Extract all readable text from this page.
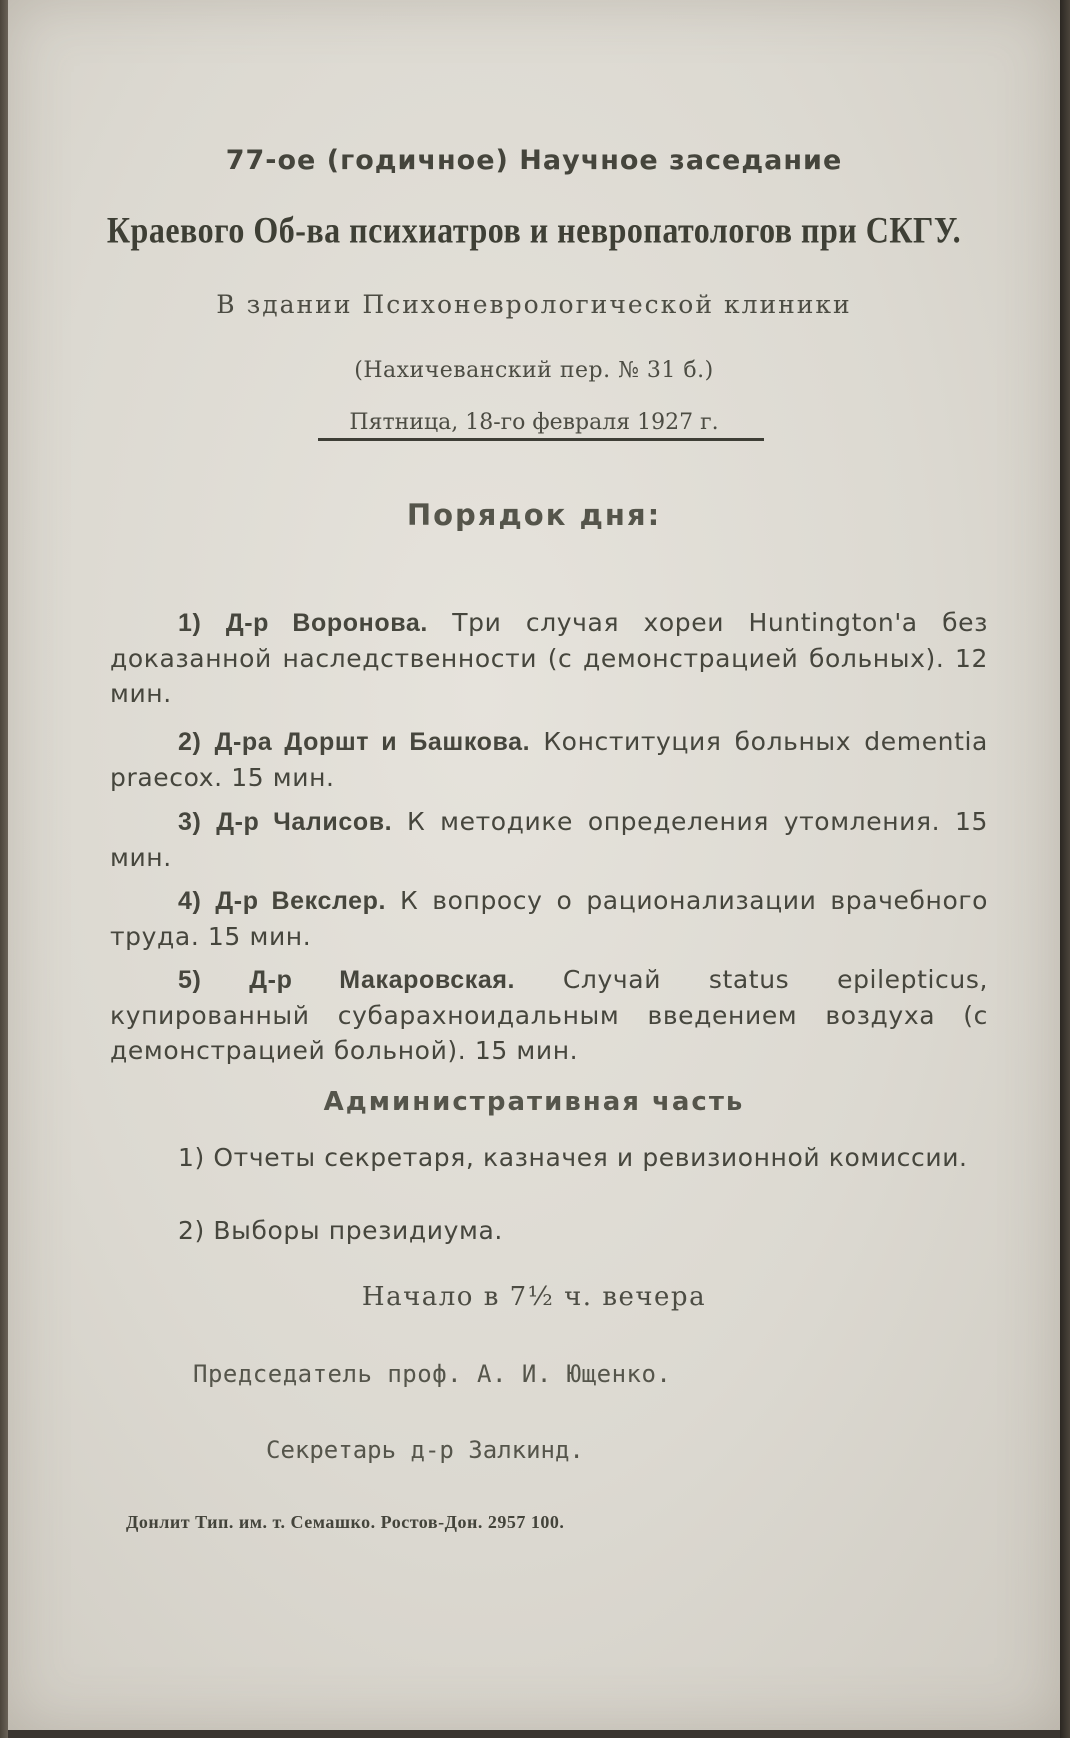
77-ое (годичное) Научное заседание
Краевого Об-ва психиатров и невропатологов при СКГУ.
В здании Психоневрологической клиники
(Нахичеванский пер. № 31 б.)
Пятница, 18-го февраля 1927 г.
Порядок дня:
1) Д-р Воронова. Три случая хореи Huntington'а без доказанной наследственности (с демонстрацией больных). 12 мин.
2) Д-ра Доршт и Башкова. Конституция больных dementia praecox. 15 мин.
3) Д-р Чалисов. К методике определения утомления. 15 мин.
4) Д-р Векслер. К вопросу о рационализации врачебного труда. 15 мин.
5) Д-р Макаровская. Случай status epilepticus, купированный субарахноидальным введением воздуха (с демонстрацией больной). 15 мин.
Административная часть
1) Отчеты секретаря, казначея и ревизионной комиссии.
2) Выборы президиума.
Начало в 7½ ч. вечера
Председатель проф. А. И. Ющенко.
Секретарь д-р Залкинд.
Донлит Тип. им. т. Семашко. Ростов-Дон. 2957 100.
